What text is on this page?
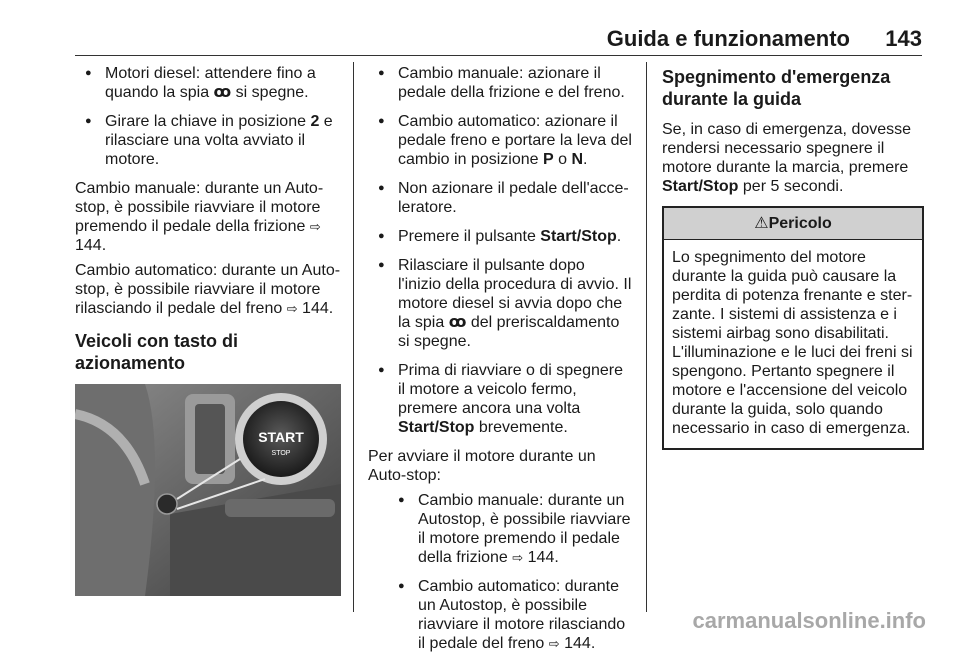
Guida e funzionamento 143
● Motori diesel: attendere fino a quando la spia ꝏ si spegne.
● Girare la chiave in posizione 2 e rilasciare una volta avviato il motore.

Cambio manuale: durante un Auto-stop, è possibile riavviare il motore premendo il pedale della frizione ⇨ 144.

Cambio automatico: durante un Auto-stop, è possibile riavviare il motore rilasciando il pedale del freno ⇨ 144.

Veicoli con tasto di azionamento
START
STOP
● Cambio manuale: azionare il pedale della frizione e del freno.
● Cambio automatico: azionare il pedale freno e portare la leva del cambio in posizione P o N.
● Non azionare il pedale dell'acce-leratore.
● Premere il pulsante Start/Stop.
● Rilasciare il pulsante dopo l'inizio della procedura di avvio. Il motore diesel si avvia dopo che la spia ꝏ del preriscaldamento si spegne.
● Prima di riavviare o di spegnere il motore a veicolo fermo, premere ancora una volta Start/Stop brevemente.

Per avviare il motore durante un Auto-stop:

● Cambio manuale: durante un Autostop, è possibile riavviare il motore premendo il pedale della frizione ⇨ 144.
● Cambio automatico: durante un Autostop, è possibile riavviare il motore rilasciando il pedale del freno ⇨ 144.
Spegnimento d'emergenza durante la guida

Se, in caso di emergenza, dovesse rendersi necessario spegnere il motore durante la marcia, premere Start/Stop per 5 secondi.

⚠Pericolo
Lo spegnimento del motore durante la guida può causare la perdita di potenza frenante e ster-zante. I sistemi di assistenza e i sistemi airbag sono disabilitati. L'illuminazione e le luci dei freni si spengono. Pertanto spegnere il motore e l'accensione del veicolo durante la guida, solo quando necessario in caso di emergenza.
carmanualsonline.info
